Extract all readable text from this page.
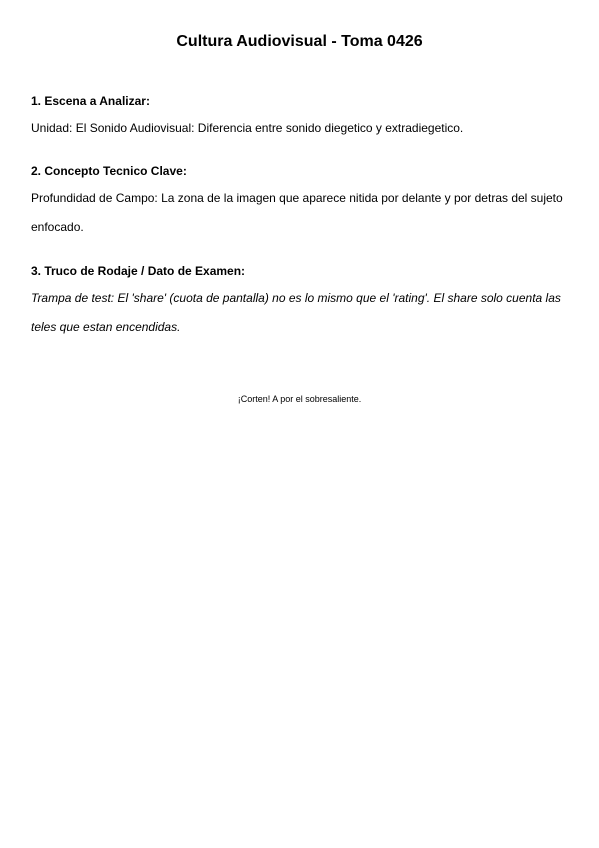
Cultura Audiovisual - Toma 0426
1. Escena a Analizar:
Unidad: El Sonido Audiovisual: Diferencia entre sonido diegetico y extradiegetico.
2. Concepto Tecnico Clave:
Profundidad de Campo: La zona de la imagen que aparece nitida por delante y por detras del sujeto enfocado.
3. Truco de Rodaje / Dato de Examen:
Trampa de test: El 'share' (cuota de pantalla) no es lo mismo que el 'rating'. El share solo cuenta las teles que estan encendidas.
¡Corten! A por el sobresaliente.
